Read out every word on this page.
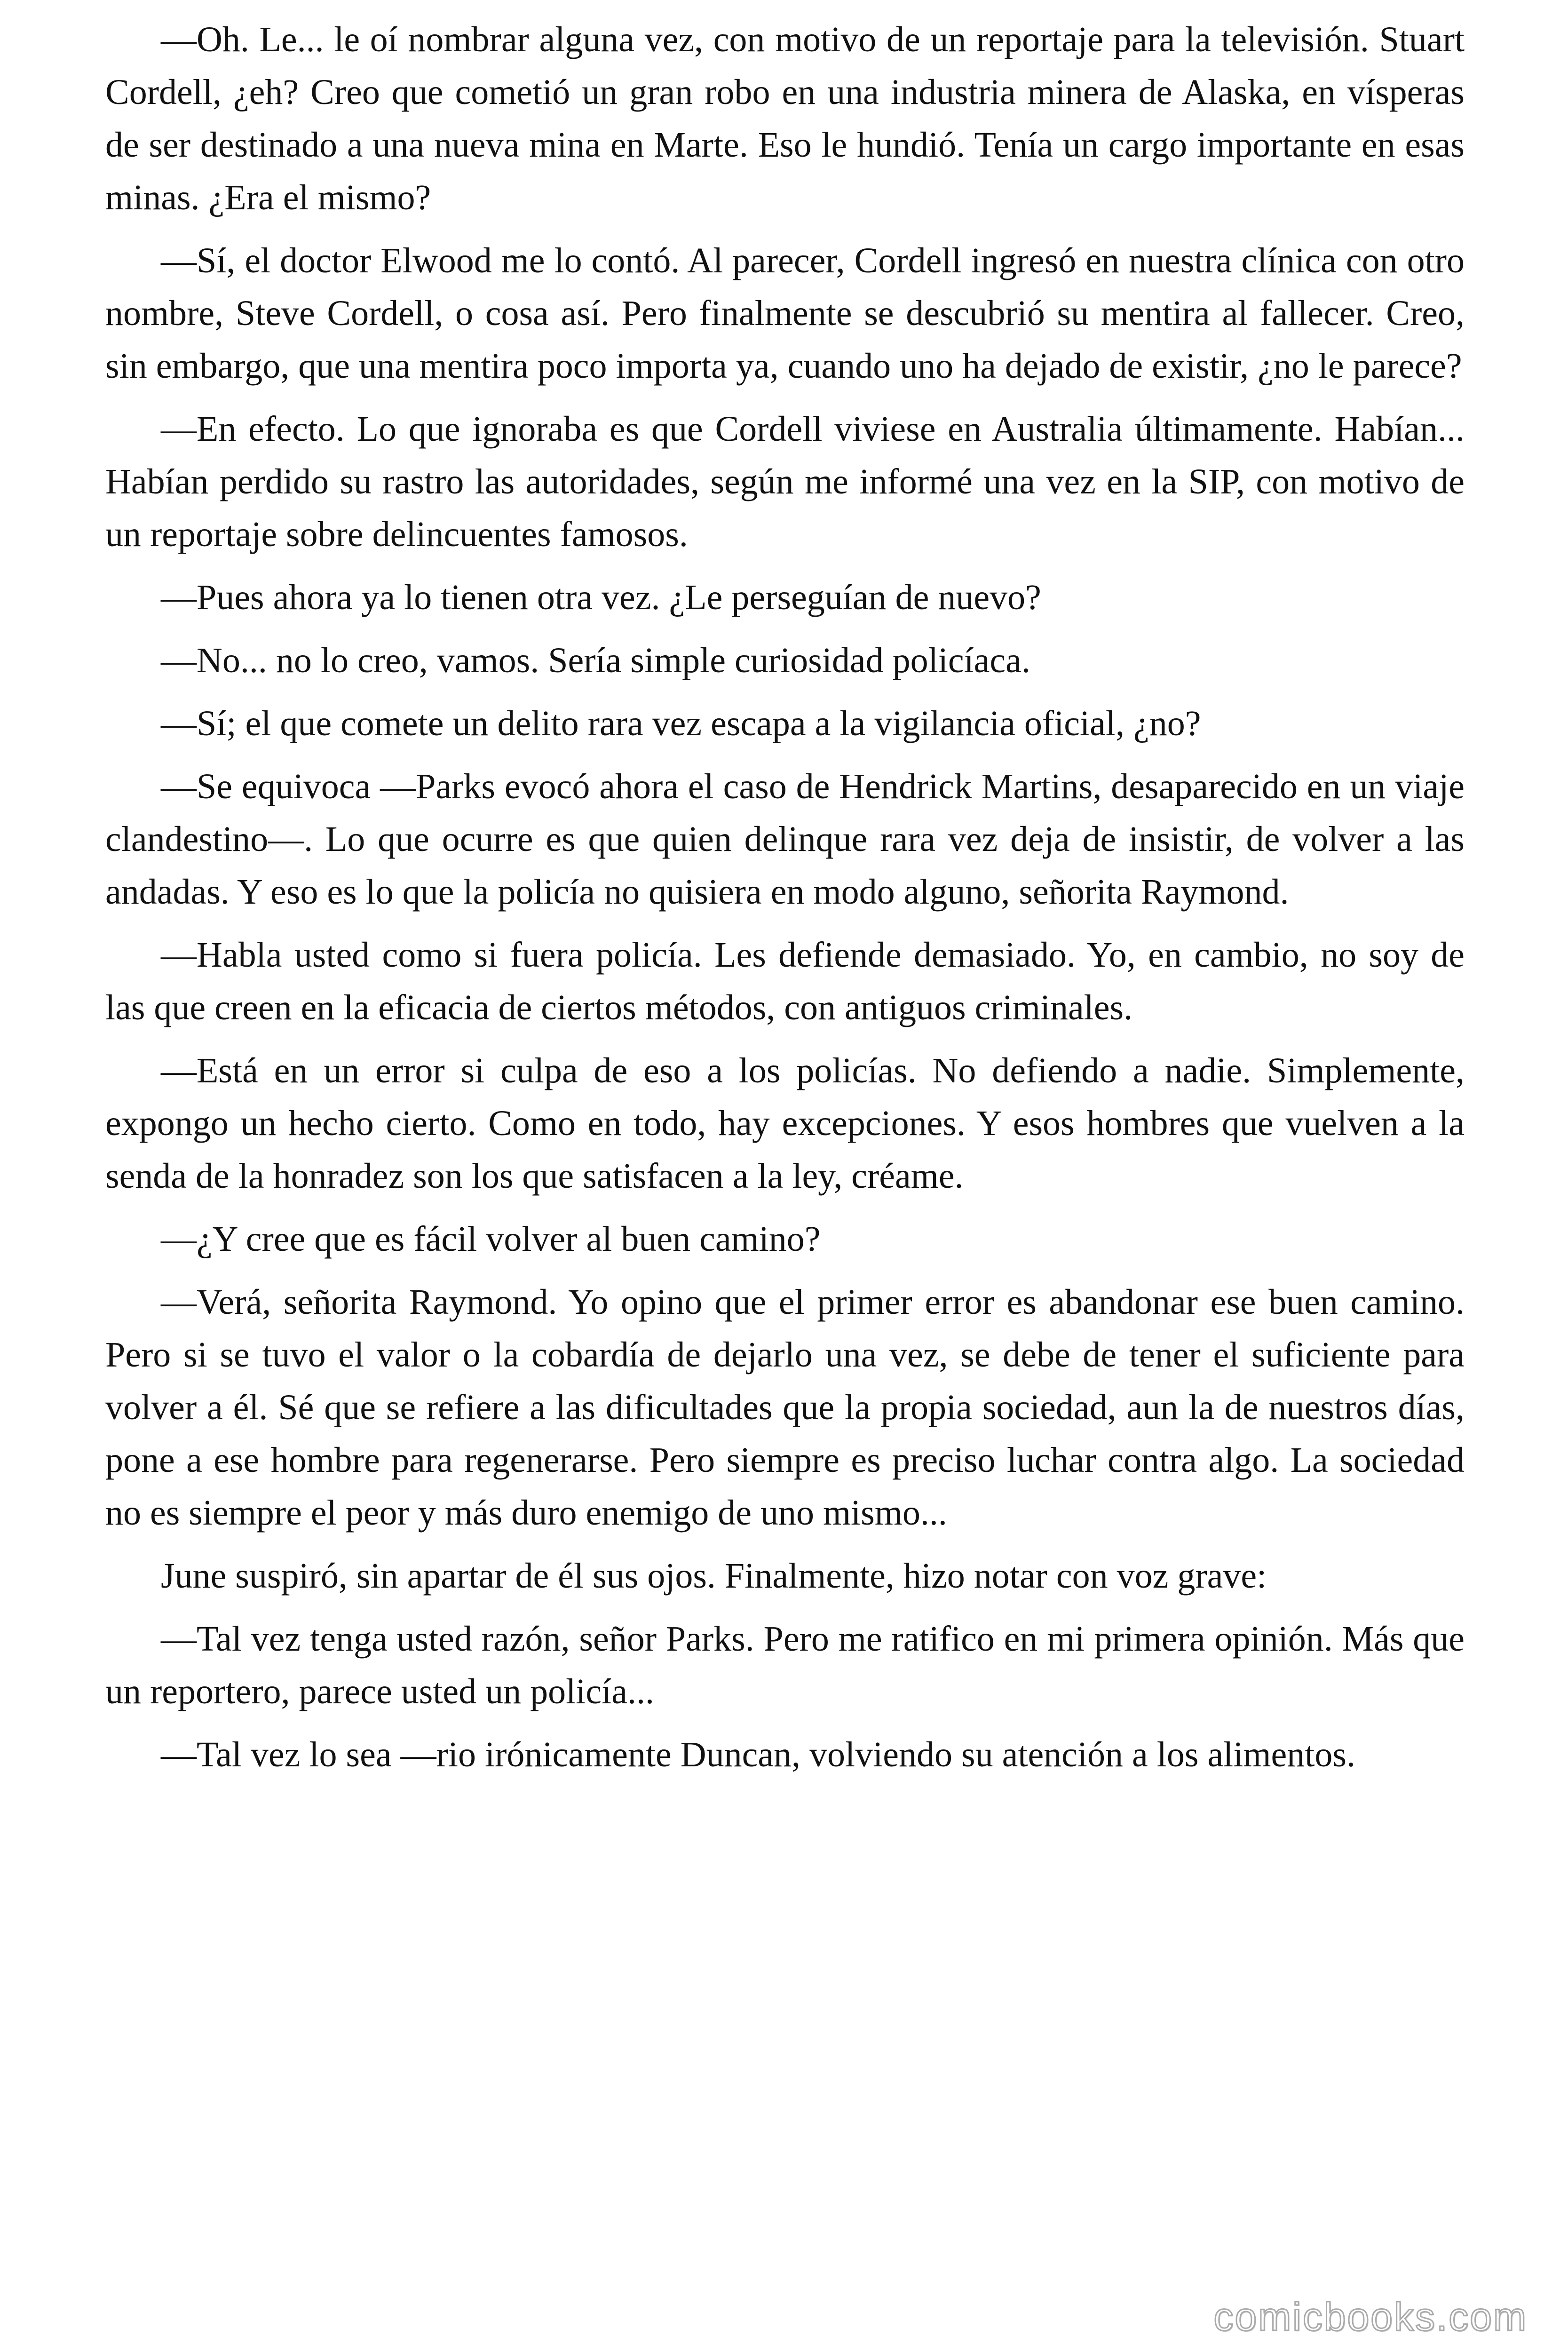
—Oh. Le... le oí nombrar alguna vez, con motivo de un reportaje para la televisión. Stuart Cordell, ¿eh? Creo que cometió un gran robo en una industria minera de Alaska, en vísperas de ser destinado a una nueva mina en Marte. Eso le hundió. Tenía un cargo importante en esas minas. ¿Era el mismo?

—Sí, el doctor Elwood me lo contó. Al parecer, Cordell ingresó en nuestra clínica con otro nombre, Steve Cordell, o cosa así. Pero finalmente se descubrió su mentira al fallecer. Creo, sin embargo, que una mentira poco importa ya, cuando uno ha dejado de existir, ¿no le parece?

—En efecto. Lo que ignoraba es que Cordell viviese en Australia últimamente. Habían... Habían perdido su rastro las autoridades, según me informé una vez en la SIP, con motivo de un reportaje sobre delincuentes famosos.

—Pues ahora ya lo tienen otra vez. ¿Le perseguían de nuevo?

—No... no lo creo, vamos. Sería simple curiosidad policíaca.

—Sí; el que comete un delito rara vez escapa a la vigilancia oficial, ¿no?

—Se equivoca —Parks evocó ahora el caso de Hendrick Martins, desaparecido en un viaje clandestino—. Lo que ocurre es que quien delinque rara vez deja de insistir, de volver a las andadas. Y eso es lo que la policía no quisiera en modo alguno, señorita Raymond.

—Habla usted como si fuera policía. Les defiende demasiado. Yo, en cambio, no soy de las que creen en la eficacia de ciertos métodos, con antiguos criminales.

—Está en un error si culpa de eso a los policías. No defiendo a nadie. Simplemente, expongo un hecho cierto. Como en todo, hay excepciones. Y esos hombres que vuelven a la senda de la honradez son los que satisfacen a la ley, créame.

—¿Y cree que es fácil volver al buen camino?

—Verá, señorita Raymond. Yo opino que el primer error es abandonar ese buen camino. Pero si se tuvo el valor o la cobardía de dejarlo una vez, se debe de tener el suficiente para volver a él. Sé que se refiere a las dificultades que la propia sociedad, aun la de nuestros días, pone a ese hombre para regenerarse. Pero siempre es preciso luchar contra algo. La sociedad no es siempre el peor y más duro enemigo de uno mismo...

June suspiró, sin apartar de él sus ojos. Finalmente, hizo notar con voz grave:

—Tal vez tenga usted razón, señor Parks. Pero me ratifico en mi primera opinión. Más que un reportero, parece usted un policía...

—Tal vez lo sea —rio irónicamente Duncan, volviendo su atención a los alimentos.

comicbooks.com
